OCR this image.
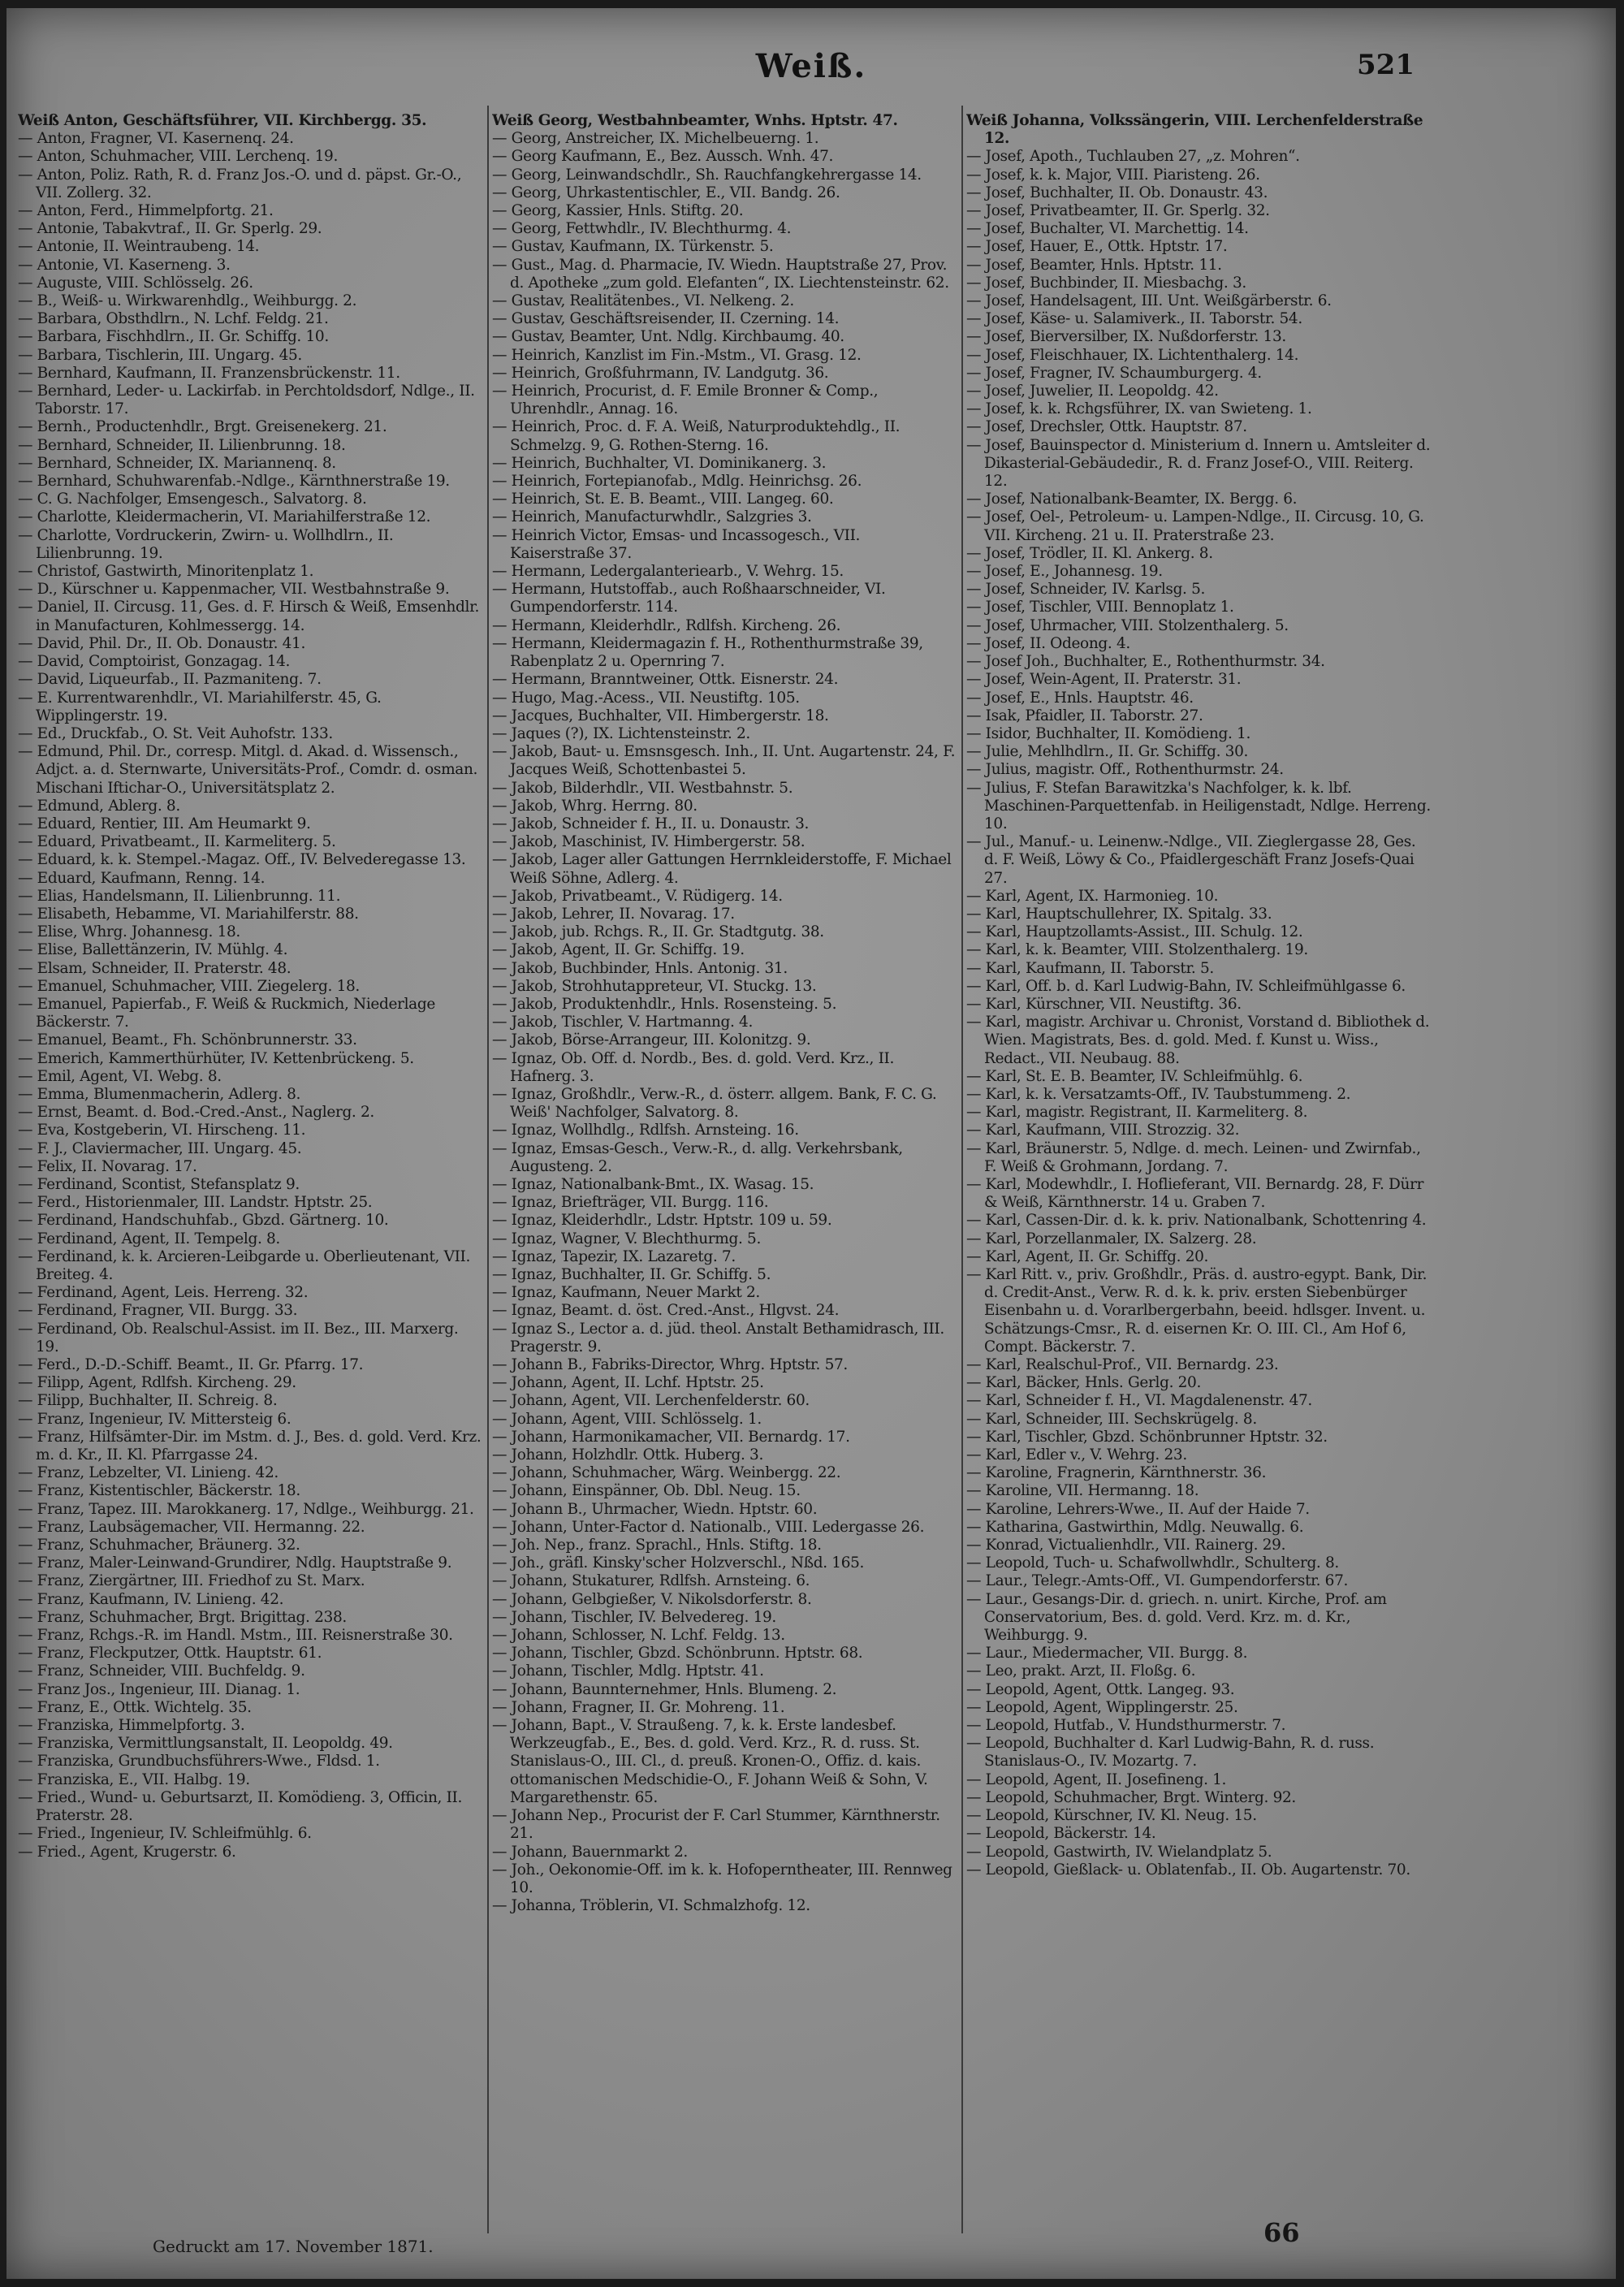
Weiß.	521
Weiß Anton, Geschäftsführer, VII. Kirchbergg. 35.
— Anton, Fragner, VI. Kasernenq. 24.
— Anton, Schuhmacher, VIII. Lerchenq. 19.
— Anton, Poliz. Rath, R. d. Franz Jos.-O. und d. päpst. Gr.-O., VII. Zollerg. 32.
— Anton, Ferd., Himmelpfortg. 21.
— Antonie, Tabakvtraf., II. Gr. Sperlg. 29.
— Antonie, II. Weintraubeng. 14.
— Antonie, VI. Kaserneng. 3.
— Auguste, VIII. Schlösselg. 26.
— B., Weiß- u. Wirkwarenhdlg., Weihburgg. 2.
— Barbara, Obsthdlrn., N. Lchf. Feldg. 21.
— Barbara, Fischhdlrn., II. Gr. Schiffg. 10.
— Barbara, Tischlerin, III. Ungarg. 45.
— Bernhard, Kaufmann, II. Franzensbrückenstr. 11.
— Bernhard, Leder- u. Lackirfab. in Perchtoldsdorf, Ndlge., II. Taborstr. 17.
— Bernh., Productenhdlr., Brgt. Greisenekerg. 21.
— Bernhard, Schneider, II. Lilienbrunng. 18.
— Bernhard, Schneider, IX. Mariannenq. 8.
— Bernhard, Schuhwarenfab.-Ndlge., Kärnthnerstraße 19.
— C. G. Nachfolger, Emsengesch., Salvatorg. 8.
— Charlotte, Kleidermacherin, VI. Mariahilferstraße 12.
— Charlotte, Vordruckerin, Zwirn- u. Wollhdlrn., II. Lilienbrunng. 19.
— Christof, Gastwirth, Minoritenplatz 1.
— D., Kürschner u. Kappenmacher, VII. Westbahnstraße 9.
— Daniel, II. Circusg. 11, Ges. d. F. Hirsch & Weiß, Emsenhdlr. in Manufacturen, Kohlmessergg. 14.
— David, Phil. Dr., II. Ob. Donaustr. 41.
— David, Comptoirist, Gonzagag. 14.
— David, Liqueurfab., II. Pazmaniteng. 7.
— E. Kurrentwarenhdlr., VI. Mariahilferstr. 45, G. Wipplingerstr. 19.
— Ed., Druckfab., O. St. Veit Auhofstr. 133.
— Edmund, Phil. Dr., corresp. Mitgl. d. Akad. d. Wissensch., Adjct. a. d. Sternwarte, Universitäts-Prof., Comdr. d. osman. Mischani Iftichar-O., Universitätsplatz 2.
— Edmund, Ablerg. 8.
— Eduard, Rentier, III. Am Heumarkt 9.
— Eduard, Privatbeamt., II. Karmeliterg. 5.
— Eduard, k. k. Stempel.-Magaz. Off., IV. Belvederegasse 13.
— Eduard, Kaufmann, Renng. 14.
— Elias, Handelsmann, II. Lilienbrunng. 11.
— Elisabeth, Hebamme, VI. Mariahilferstr. 88.
— Elise, Whrg. Johannesg. 18.
— Elise, Ballettänzerin, IV. Mühlg. 4.
— Elsam, Schneider, II. Praterstr. 48.
— Emanuel, Schuhmacher, VIII. Ziegelerg. 18.
— Emanuel, Papierfab., F. Weiß & Ruckmich, Niederlage Bäckerstr. 7.
— Emanuel, Beamt., Fh. Schönbrunnerstr. 33.
— Emerich, Kammerthürhüter, IV. Kettenbrückeng. 5.
— Emil, Agent, VI. Webg. 8.
— Emma, Blumenmacherin, Adlerg. 8.
— Ernst, Beamt. d. Bod.-Cred.-Anst., Naglerg. 2.
— Eva, Kostgeberin, VI. Hirscheng. 11.
— F. J., Claviermacher, III. Ungarg. 45.
— Felix, II. Novarag. 17.
— Ferdinand, Scontist, Stefansplatz 9.
— Ferd., Historienmaler, III. Landstr. Hptstr. 25.
— Ferdinand, Handschuhfab., Gbzd. Gärtnerg. 10.
— Ferdinand, Agent, II. Tempelg. 8.
— Ferdinand, k. k. Arcieren-Leibgarde u. Oberlieutenant, VII. Breiteg. 4.
— Ferdinand, Agent, Leis. Herreng. 32.
— Ferdinand, Fragner, VII. Burgg. 33.
— Ferdinand, Ob. Realschul-Assist. im II. Bez., III. Marxerg. 19.
— Ferd., D.-D.-Schiff. Beamt., II. Gr. Pfarrg. 17.
— Filipp, Agent, Rdlfsh. Kircheng. 29.
— Filipp, Buchhalter, II. Schreig. 8.
— Franz, Ingenieur, IV. Mittersteig 6.
— Franz, Hilfsämter-Dir. im Mstm. d. J., Bes. d. gold. Verd. Krz. m. d. Kr., II. Kl. Pfarrgasse 24.
— Franz, Lebzelter, VI. Linieng. 42.
— Franz, Kistentischler, Bäckerstr. 18.
— Franz, Tapez. III. Marokkanerg. 17, Ndlge., Weihburgg. 21.
— Franz, Laubsägemacher, VII. Hermanng. 22.
— Franz, Schuhmacher, Bräunerg. 32.
— Franz, Maler-Leinwand-Grundirer, Ndlg. Hauptstraße 9.
— Franz, Ziergärtner, III. Friedhof zu St. Marx.
— Franz, Kaufmann, IV. Linieng. 42.
— Franz, Schuhmacher, Brgt. Brigittag. 238.
— Franz, Rchgs.-R. im Handl. Mstm., III. Reisnerstraße 30.
— Franz, Fleckputzer, Ottk. Hauptstr. 61.
— Franz, Schneider, VIII. Buchfeldg. 9.
— Franz Jos., Ingenieur, III. Dianag. 1.
— Franz, E., Ottk. Wichtelg. 35.
— Franziska, Himmelpfortg. 3.
— Franziska, Vermittlungsanstalt, II. Leopoldg. 49.
— Franziska, Grundbuchsführers-Wwe., Fldsd. 1.
— Franziska, E., VII. Halbg. 19.
— Fried., Wund- u. Geburtsarzt, II. Komödieng. 3, Officin, II. Praterstr. 28.
— Fried., Ingenieur, IV. Schleifmühlg. 6.
— Fried., Agent, Krugerstr. 6.
Weiß Georg, Westbahnbeamter, Wnhs. Hptstr. 47.
— Georg, Anstreicher, IX. Michelbeuerng. 1.
— Georg Kaufmann, E., Bez. Aussch. Wnh. 47.
— Georg, Leinwandschdlr., Sh. Rauchfangkehrergasse 14.
— Georg, Uhrkastentischler, E., VII. Bandg. 26.
— Georg, Kassier, Hnls. Stiftg. 20.
— Georg, Fettwhdlr., IV. Blechthurmg. 4.
— Gustav, Kaufmann, IX. Türkenstr. 5.
— Gust., Mag. d. Pharmacie, IV. Wiedn. Hauptstraße 27, Prov. d. Apotheke „zum gold. Elefanten“, IX. Liechtensteinstr. 62.
— Gustav, Realitätenbes., VI. Nelkeng. 2.
— Gustav, Geschäftsreisender, II. Czerning. 14.
— Gustav, Beamter, Unt. Ndlg. Kirchbaumg. 40.
— Heinrich, Kanzlist im Fin.-Mstm., VI. Grasg. 12.
— Heinrich, Großfuhrmann, IV. Landgutg. 36.
— Heinrich, Procurist, d. F. Emile Bronner & Comp., Uhrenhdlr., Annag. 16.
— Heinrich, Proc. d. F. A. Weiß, Naturproduktehdlg., II. Schmelzg. 9, G. Rothen-Sterng. 16.
— Heinrich, Buchhalter, VI. Dominikanerg. 3.
— Heinrich, Fortepianofab., Mdlg. Heinrichsg. 26.
— Heinrich, St. E. B. Beamt., VIII. Langeg. 60.
— Heinrich, Manufacturwhdlr., Salzgries 3.
— Heinrich Victor, Emsas- und Incassogesch., VII. Kaiserstraße 37.
— Hermann, Ledergalanteriearb., V. Wehrg. 15.
— Hermann, Hutstoffab., auch Roßhaarschneider, VI. Gumpendorferstr. 114.
— Hermann, Kleiderhdlr., Rdlfsh. Kircheng. 26.
— Hermann, Kleidermagazin f. H., Rothenthurmstraße 39, Rabenplatz 2 u. Opernring 7.
— Hermann, Branntweiner, Ottk. Eisnerstr. 24.
— Hugo, Mag.-Acess., VII. Neustiftg. 105.
— Jacques, Buchhalter, VII. Himbergerstr. 18.
— Jaques (?), IX. Lichtensteinstr. 2.
— Jakob, Baut- u. Emsnsgesch. Inh., II. Unt. Augartenstr. 24, F. Jacques Weiß, Schottenbastei 5.
— Jakob, Bilderhdlr., VII. Westbahnstr. 5.
— Jakob, Whrg. Herrng. 80.
— Jakob, Schneider f. H., II. u. Donaustr. 3.
— Jakob, Maschinist, IV. Himbergerstr. 58.
— Jakob, Lager aller Gattungen Herrnkleiderstoffe, F. Michael Weiß Söhne, Adlerg. 4.
— Jakob, Privatbeamt., V. Rüdigerg. 14.
— Jakob, Lehrer, II. Novarag. 17.
— Jakob, jub. Rchgs. R., II. Gr. Stadtgutg. 38.
— Jakob, Agent, II. Gr. Schiffg. 19.
— Jakob, Buchbinder, Hnls. Antonig. 31.
— Jakob, Strohhutappreteur, VI. Stuckg. 13.
— Jakob, Produktenhdlr., Hnls. Rosensteing. 5.
— Jakob, Tischler, V. Hartmanng. 4.
— Jakob, Börse-Arrangeur, III. Kolonitzg. 9.
— Ignaz, Ob. Off. d. Nordb., Bes. d. gold. Verd. Krz., II. Hafnerg. 3.
— Ignaz, Großhdlr., Verw.-R., d. österr. allgem. Bank, F. C. G. Weiß' Nachfolger, Salvatorg. 8.
— Ignaz, Wollhdlg., Rdlfsh. Arnsteing. 16.
— Ignaz, Emsas-Gesch., Verw.-R., d. allg. Verkehrsbank, Augusteng. 2.
— Ignaz, Nationalbank-Bmt., IX. Wasag. 15.
— Ignaz, Briefträger, VII. Burgg. 116.
— Ignaz, Kleiderhdlr., Ldstr. Hptstr. 109 u. 59.
— Ignaz, Wagner, V. Blechthurmg. 5.
— Ignaz, Tapezir, IX. Lazaretg. 7.
— Ignaz, Buchhalter, II. Gr. Schiffg. 5.
— Ignaz, Kaufmann, Neuer Markt 2.
— Ignaz, Beamt. d. öst. Cred.-Anst., Hlgvst. 24.
— Ignaz S., Lector a. d. jüd. theol. Anstalt Bethamidrasch, III. Pragerstr. 9.
— Johann B., Fabriks-Director, Whrg. Hptstr. 57.
— Johann, Agent, II. Lchf. Hptstr. 25.
— Johann, Agent, VII. Lerchenfelderstr. 60.
— Johann, Agent, VIII. Schlösselg. 1.
— Johann, Harmonikamacher, VII. Bernardg. 17.
— Johann, Holzhdlr. Ottk. Huberg. 3.
— Johann, Schuhmacher, Wärg. Weinbergg. 22.
— Johann, Einspänner, Ob. Dbl. Neug. 15.
— Johann B., Uhrmacher, Wiedn. Hptstr. 60.
— Johann, Unter-Factor d. Nationalb., VIII. Ledergasse 26.
— Joh. Nep., franz. Sprachl., Hnls. Stiftg. 18.
— Joh., gräfl. Kinsky'scher Holzverschl., Nßd. 165.
— Johann, Stukaturer, Rdlfsh. Arnsteing. 6.
— Johann, Gelbgießer, V. Nikolsdorferstr. 8.
— Johann, Tischler, IV. Belvedereg. 19.
— Johann, Schlosser, N. Lchf. Feldg. 13.
— Johann, Tischler, Gbzd. Schönbrunn. Hptstr. 68.
— Johann, Tischler, Mdlg. Hptstr. 41.
— Johann, Baunnternehmer, Hnls. Blumeng. 2.
— Johann, Fragner, II. Gr. Mohreng. 11.
— Johann, Bapt., V. Straußeng. 7, k. k. Erste landesbef. Werkzeugfab., E., Bes. d. gold. Verd. Krz., R. d. russ. St. Stanislaus-O., III. Cl., d. preuß. Kronen-O., Offiz. d. kais. ottomanischen Medschidie-O., F. Johann Weiß & Sohn, V. Margarethenstr. 65.
— Johann Nep., Procurist der F. Carl Stummer, Kärnthnerstr. 21.
— Johann, Bauernmarkt 2.
— Joh., Oekonomie-Off. im k. k. Hofoperntheater, III. Rennweg 10.
— Johanna, Tröblerin, VI. Schmalzhofg. 12.
Weiß Johanna, Volkssängerin, VIII. Lerchenfelderstraße 12.
— Josef, Apoth., Tuchlauben 27, „z. Mohren“.
— Josef, k. k. Major, VIII. Piaristeng. 26.
— Josef, Buchhalter, II. Ob. Donaustr. 43.
— Josef, Privatbeamter, II. Gr. Sperlg. 32.
— Josef, Buchalter, VI. Marchettig. 14.
— Josef, Hauer, E., Ottk. Hptstr. 17.
— Josef, Beamter, Hnls. Hptstr. 11.
— Josef, Buchbinder, II. Miesbachg. 3.
— Josef, Handelsagent, III. Unt. Weißgärberstr. 6.
— Josef, Käse- u. Salamiverk., II. Taborstr. 54.
— Josef, Bierversilber, IX. Nußdorferstr. 13.
— Josef, Fleischhauer, IX. Lichtenthalerg. 14.
— Josef, Fragner, IV. Schaumburgerg. 4.
— Josef, Juwelier, II. Leopoldg. 42.
— Josef, k. k. Rchgsführer, IX. van Swieteng. 1.
— Josef, Drechsler, Ottk. Hauptstr. 87.
— Josef, Bauinspector d. Ministerium d. Innern u. Amtsleiter d. Dikasterial-Gebäudedir., R. d. Franz Josef-O., VIII. Reiterg. 12.
— Josef, Nationalbank-Beamter, IX. Bergg. 6.
— Josef, Oel-, Petroleum- u. Lampen-Ndlge., II. Circusg. 10, G. VII. Kircheng. 21 u. II. Praterstraße 23.
— Josef, Trödler, II. Kl. Ankerg. 8.
— Josef, E., Johannesg. 19.
— Josef, Schneider, IV. Karlsg. 5.
— Josef, Tischler, VIII. Bennoplatz 1.
— Josef, Uhrmacher, VIII. Stolzenthalerg. 5.
— Josef, II. Odeong. 4.
— Josef Joh., Buchhalter, E., Rothenthurmstr. 34.
— Josef, Wein-Agent, II. Praterstr. 31.
— Josef, E., Hnls. Hauptstr. 46.
— Isak, Pfaidler, II. Taborstr. 27.
— Isidor, Buchhalter, II. Komödieng. 1.
— Julie, Mehlhdlrn., II. Gr. Schiffg. 30.
— Julius, magistr. Off., Rothenthurmstr. 24.
— Julius, F. Stefan Barawitzka's Nachfolger, k. k. lbf. Maschinen-Parquettenfab. in Heiligenstadt, Ndlge. Herreng. 10.
— Jul., Manuf.- u. Leinenw.-Ndlge., VII. Zieglergasse 28, Ges. d. F. Weiß, Löwy & Co., Pfaidlergeschäft Franz Josefs-Quai 27.
— Karl, Agent, IX. Harmonieg. 10.
— Karl, Hauptschullehrer, IX. Spitalg. 33.
— Karl, Hauptzollamts-Assist., III. Schulg. 12.
— Karl, k. k. Beamter, VIII. Stolzenthalerg. 19.
— Karl, Kaufmann, II. Taborstr. 5.
— Karl, Off. b. d. Karl Ludwig-Bahn, IV. Schleifmühlgasse 6.
— Karl, Kürschner, VII. Neustiftg. 36.
— Karl, magistr. Archivar u. Chronist, Vorstand d. Bibliothek d. Wien. Magistrats, Bes. d. gold. Med. f. Kunst u. Wiss., Redact., VII. Neubaug. 88.
— Karl, St. E. B. Beamter, IV. Schleifmühlg. 6.
— Karl, k. k. Versatzamts-Off., IV. Taubstummeng. 2.
— Karl, magistr. Registrant, II. Karmeliterg. 8.
— Karl, Kaufmann, VIII. Strozzig. 32.
— Karl, Bräunerstr. 5, Ndlge. d. mech. Leinen- und Zwirnfab., F. Weiß & Grohmann, Jordang. 7.
— Karl, Modewhdlr., I. Hoflieferant, VII. Bernardg. 28, F. Dürr & Weiß, Kärnthnerstr. 14 u. Graben 7.
— Karl, Cassen-Dir. d. k. k. priv. Nationalbank, Schottenring 4.
— Karl, Porzellanmaler, IX. Salzerg. 28.
— Karl, Agent, II. Gr. Schiffg. 20.
— Karl Ritt. v., priv. Großhdlr., Präs. d. austro-egypt. Bank, Dir. d. Credit-Anst., Verw. R. d. k. k. priv. ersten Siebenbürger Eisenbahn u. d. Vorarlbergerbahn, beeid. hdlsger. Invent. u. Schätzungs-Cmsr., R. d. eisernen Kr. O. III. Cl., Am Hof 6, Compt. Bäckerstr. 7.
— Karl, Realschul-Prof., VII. Bernardg. 23.
— Karl, Bäcker, Hnls. Gerlg. 20.
— Karl, Schneider f. H., VI. Magdalenenstr. 47.
— Karl, Schneider, III. Sechskrügelg. 8.
— Karl, Tischler, Gbzd. Schönbrunner Hptstr. 32.
— Karl, Edler v., V. Wehrg. 23.
— Karoline, Fragnerin, Kärnthnerstr. 36.
— Karoline, VII. Hermanng. 18.
— Karoline, Lehrers-Wwe., II. Auf der Haide 7.
— Katharina, Gastwirthin, Mdlg. Neuwallg. 6.
— Konrad, Victualienhdlr., VII. Rainerg. 29.
— Leopold, Tuch- u. Schafwollwhdlr., Schulterg. 8.
— Laur., Telegr.-Amts-Off., VI. Gumpendorferstr. 67.
— Laur., Gesangs-Dir. d. griech. n. unirt. Kirche, Prof. am Conservatorium, Bes. d. gold. Verd. Krz. m. d. Kr., Weihburgg. 9.
— Laur., Miedermacher, VII. Burgg. 8.
— Leo, prakt. Arzt, II. Floßg. 6.
— Leopold, Agent, Ottk. Langeg. 93.
— Leopold, Agent, Wipplingerstr. 25.
— Leopold, Hutfab., V. Hundsthurmerstr. 7.
— Leopold, Buchhalter d. Karl Ludwig-Bahn, R. d. russ. Stanislaus-O., IV. Mozartg. 7.
— Leopold, Agent, II. Josefineng. 1.
— Leopold, Schuhmacher, Brgt. Winterg. 92.
— Leopold, Kürschner, IV. Kl. Neug. 15.
— Leopold, Bäckerstr. 14.
— Leopold, Gastwirth, IV. Wielandplatz 5.
— Leopold, Gießlack- u. Oblatenfab., II. Ob. Augartenstr. 70.
Gedruckt am 17. November 1871.	66
